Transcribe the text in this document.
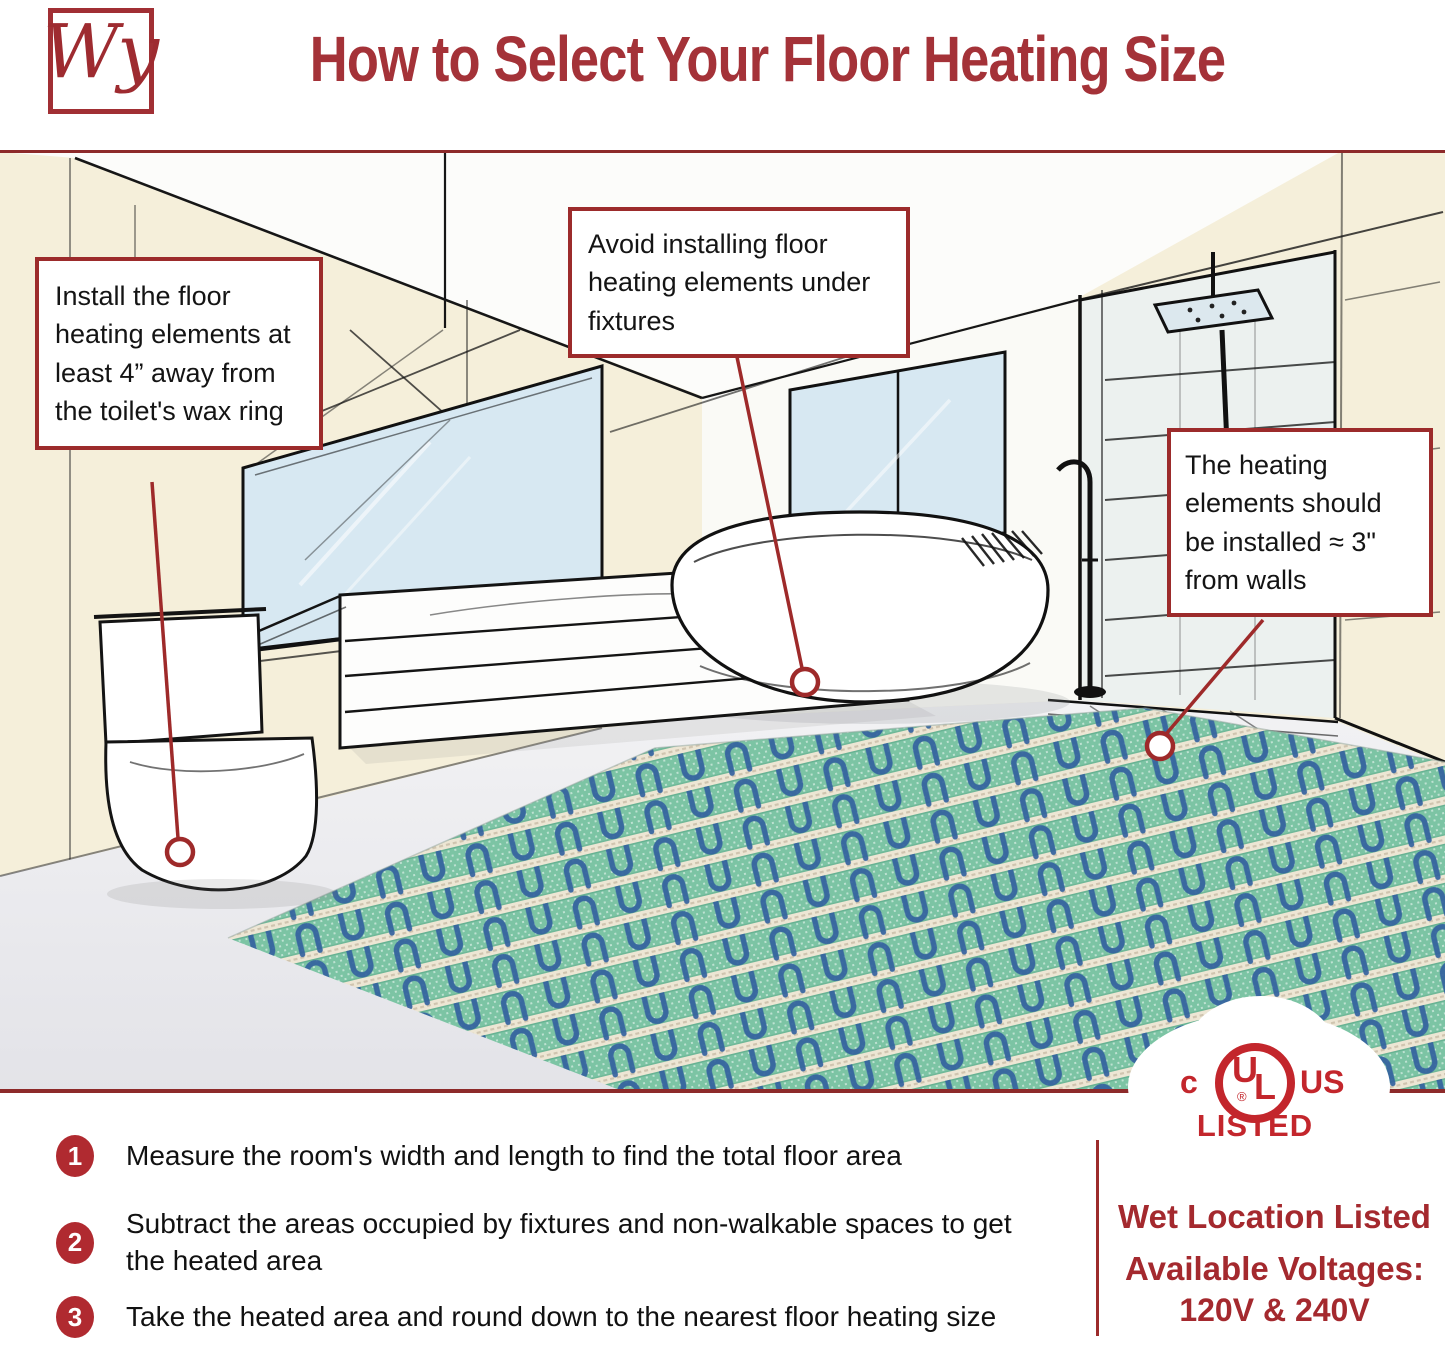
Wy	How to Select Your Floor Heating Size
Install the floor heating elements at least 4” away from the toilet's wax ring
Avoid installing floor heating elements under fixtures
The heating elements should be installed ≈ 3" from walls
c U
L
® US
LISTED
1	Measure the room's width and length to find the total floor area
2
Subtract the areas occupied by fixtures and non-walkable spaces to get the heated area
3	Take the heated area and round down to the nearest floor heating size
Wet Location Listed
Available Voltages:
120V & 240V
